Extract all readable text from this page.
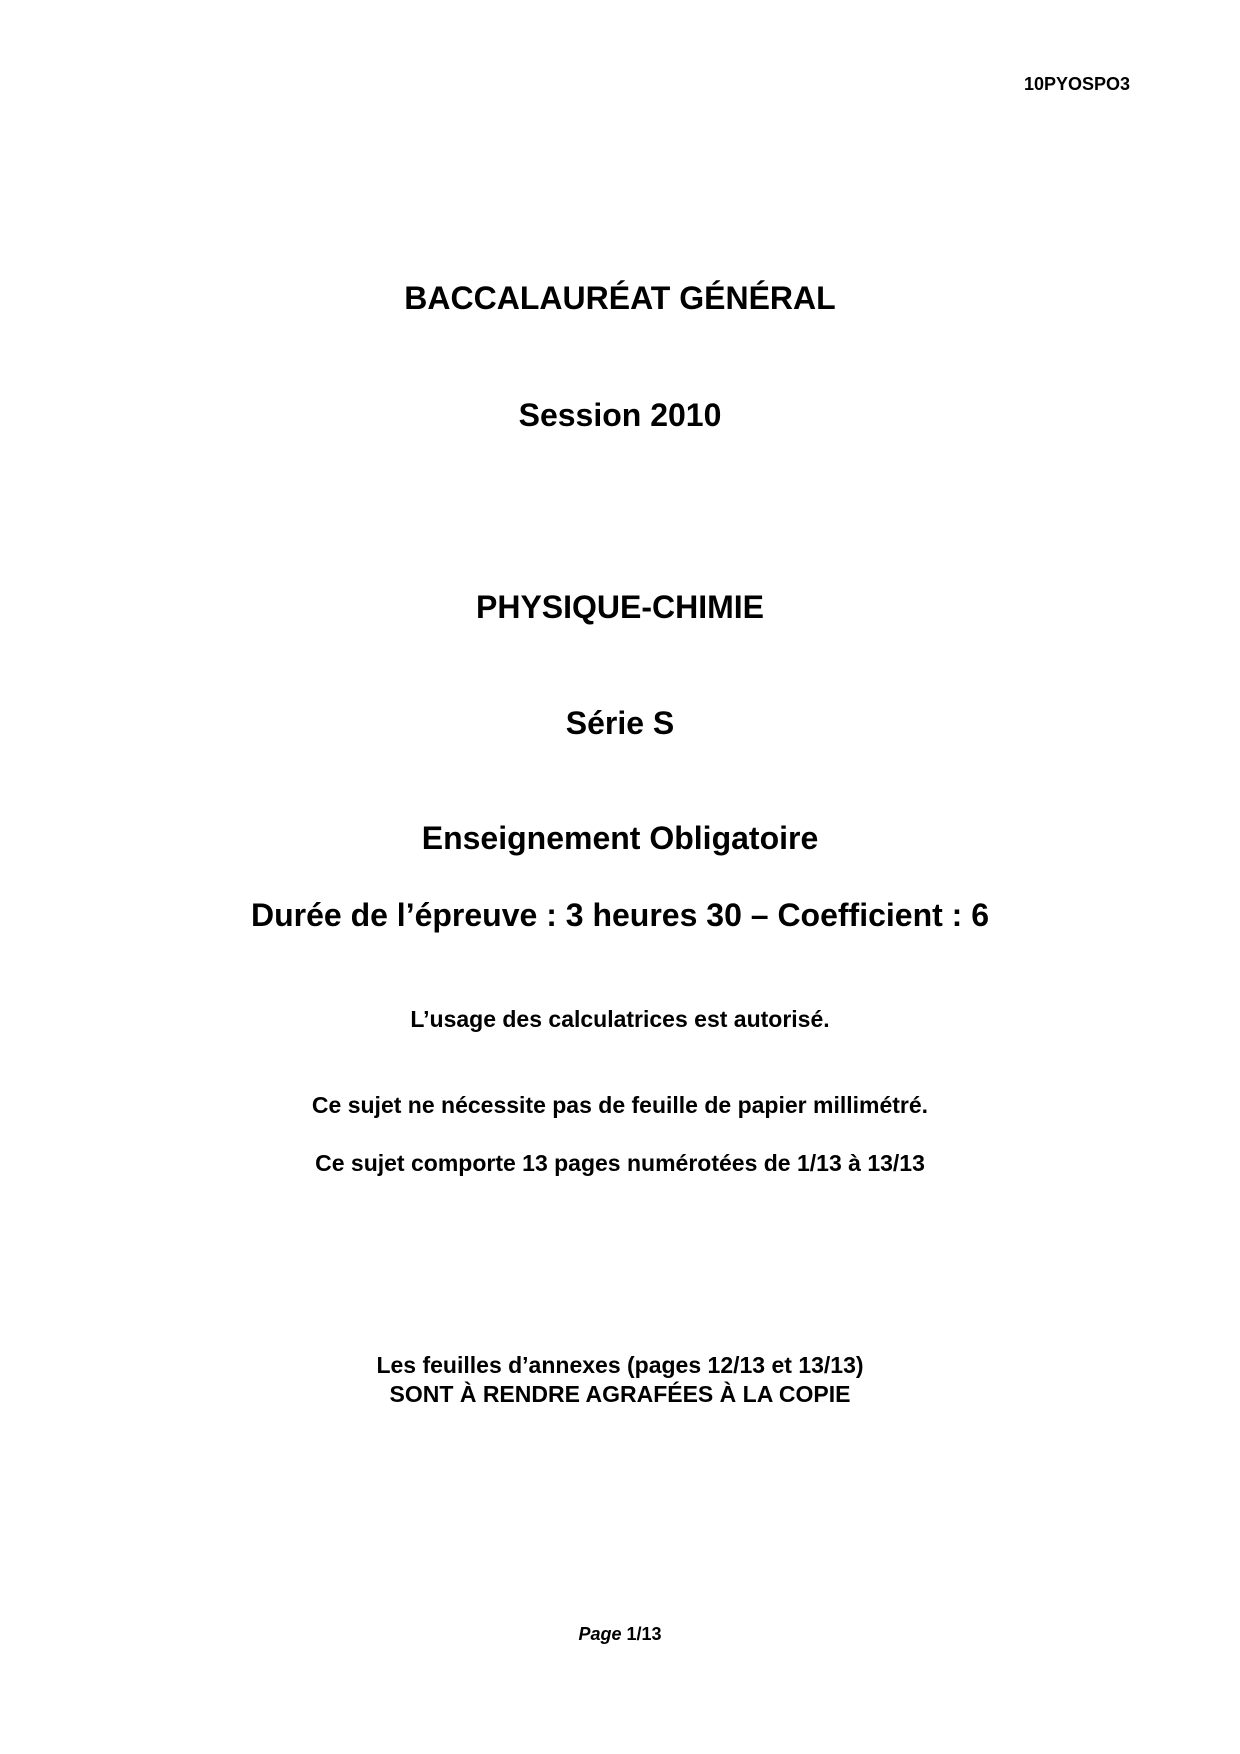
10PYOSPO3
BACCALAURÉAT GÉNÉRAL
Session 2010
PHYSIQUE-CHIMIE
Série S
Enseignement Obligatoire
Durée de l’épreuve : 3 heures 30 – Coefficient : 6
L’usage des calculatrices est autorisé.
Ce sujet ne nécessite pas de feuille de papier millimétré.
Ce sujet comporte 13 pages numérotées de 1/13 à 13/13
Les feuilles d’annexes (pages 12/13 et 13/13)
SONT À RENDRE AGRAFÉES À LA COPIE
Page 1/13
